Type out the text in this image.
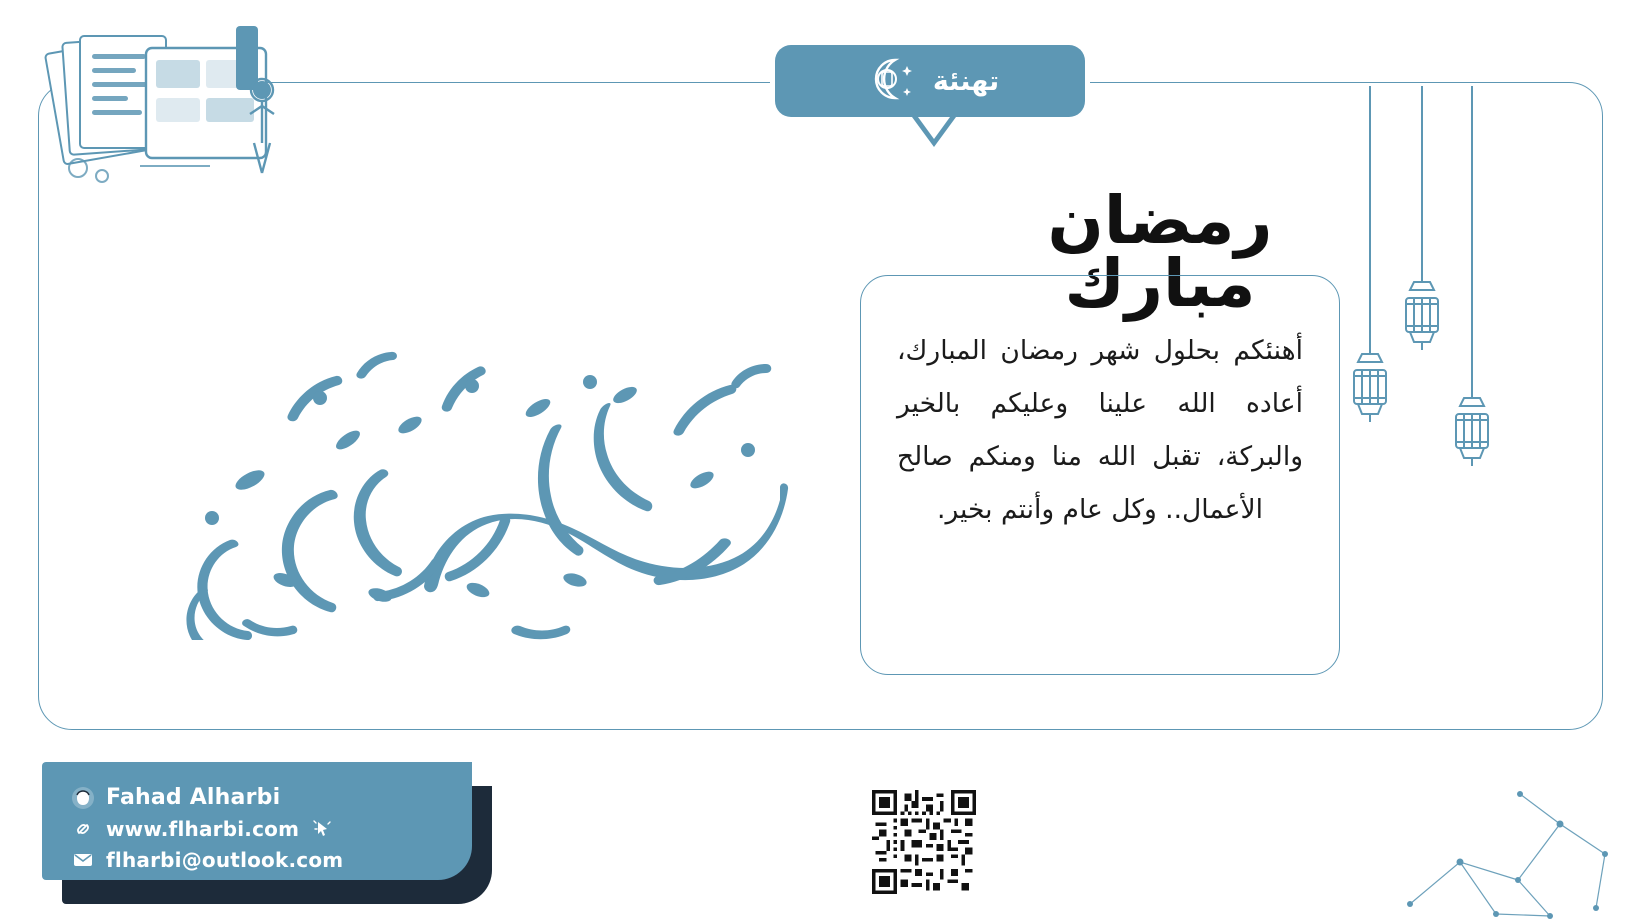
تهنئة
رمضان
مبارك

أهنئكم بحلول شهر رمضان المبارك، أعاده الله علينا وعليكم بالخير والبركة، تقبل الله منا ومنكم صالح الأعمال.. وكل عام وأنتم بخير.

Fahad Alharbi
www.flharbi.com
flharbi@outlook.com
